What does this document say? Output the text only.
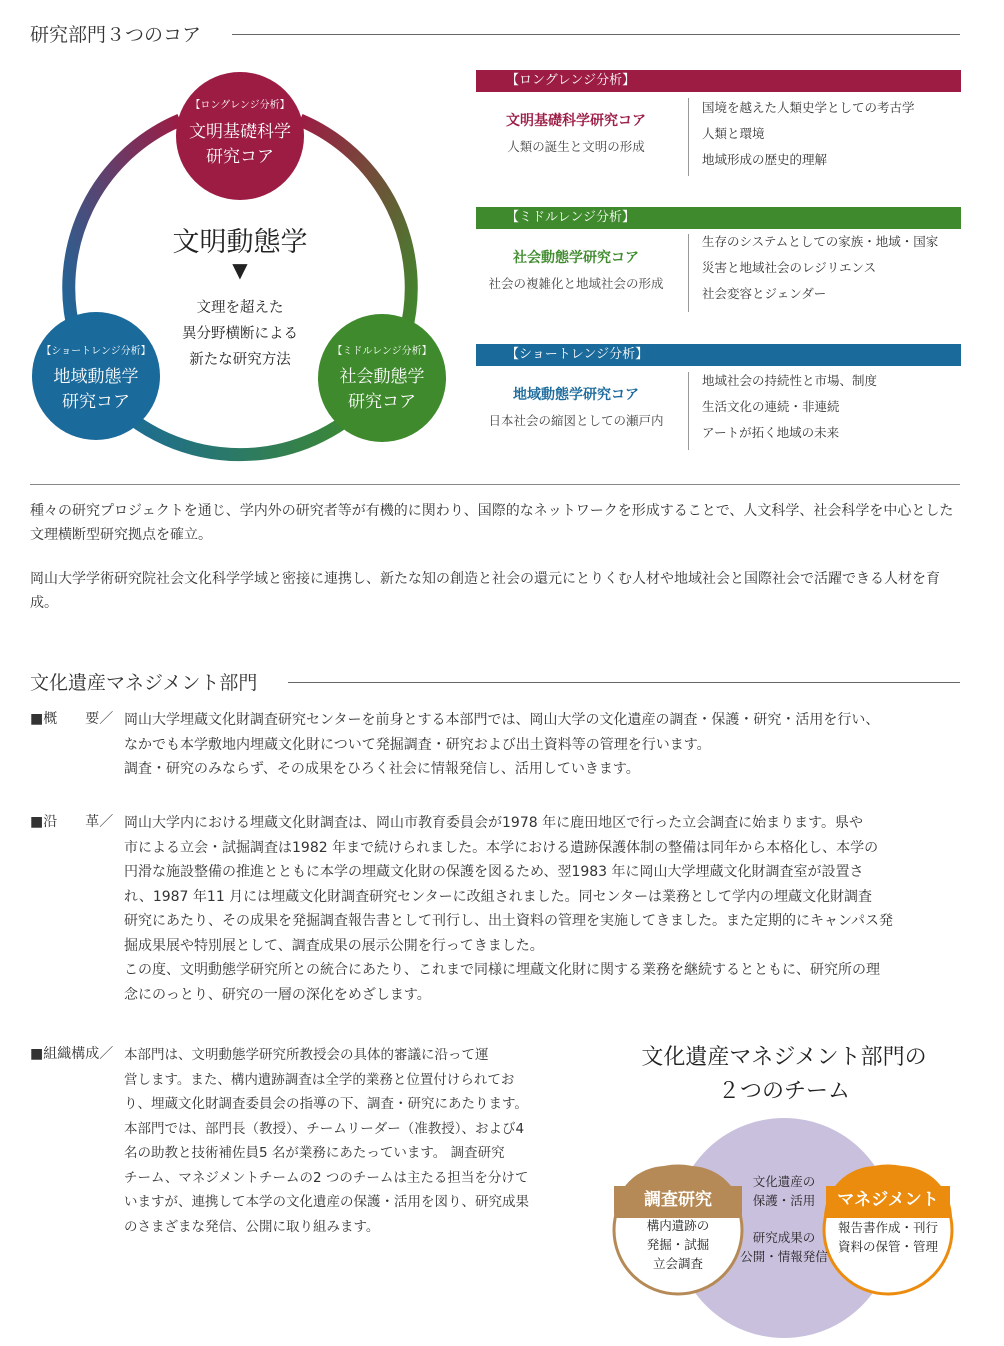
研究部門３つのコア
【ロングレンジ分析】
文明基礎科学
研究コア
【ショートレンジ分析】
地域動態学
研究コア
【ミドルレンジ分析】
社会動態学
研究コア
文明動態学
▼
文理を超えた
異分野横断による
新たな研究方法
【ロングレンジ分析】
文明基礎科学研究コア
人類の誕生と文明の形成
国境を越えた人類史学としての考古学
人類と環境
地域形成の歴史的理解
【ミドルレンジ分析】
社会動態学研究コア
社会の複雑化と地域社会の形成
生存のシステムとしての家族・地域・国家
災害と地域社会のレジリエンス
社会変容とジェンダー
【ショートレンジ分析】
地域動態学研究コア
日本社会の縮図としての瀬戸内
地域社会の持続性と市場、制度
生活文化の連続・非連続
アートが拓く地域の未来
種々の研究プロジェクトを通じ、学内外の研究者等が有機的に関わり、国際的なネットワークを形成することで、人文科学、社会科学を中心とした文理横断型研究拠点を確立。
岡山大学学術研究院社会文化科学学域と密接に連携し、新たな知の創造と社会の還元にとりくむ人材や地域社会と国際社会で活躍できる人材を育成。
文化遺産マネジメント部門
■概　　要／ 岡山大学埋蔵文化財調査研究センターを前身とする本部門では、岡山大学の文化遺産の調査・保護・研究・活用を行い、
なかでも本学敷地内埋蔵文化財について発掘調査・研究および出土資料等の管理を行います。
調査・研究のみならず、その成果をひろく社会に情報発信し、活用していきます。
■沿　　革／ 岡山大学内における埋蔵文化財調査は、岡山市教育委員会が1978 年に鹿田地区で行った立会調査に始まります。県や
市による立会・試掘調査は1982 年まで続けられました。本学における遺跡保護体制の整備は同年から本格化し、本学の
円滑な施設整備の推進とともに本学の埋蔵文化財の保護を図るため、翌1983 年に岡山大学埋蔵文化財調査室が設置さ
れ、1987 年11 月には埋蔵文化財調査研究センターに改組されました。同センターは業務として学内の埋蔵文化財調査
研究にあたり、その成果を発掘調査報告書として刊行し、出土資料の管理を実施してきました。また定期的にキャンパス発
掘成果展や特別展として、調査成果の展示公開を行ってきました。
この度、文明動態学研究所との統合にあたり、これまで同様に埋蔵文化財に関する業務を継続するとともに、研究所の理
念にのっとり、研究の一層の深化をめざします。
■組織構成／ 本部門は、文明動態学研究所教授会の具体的審議に沿って運
営します。また、構内遺跡調査は全学的業務と位置付けられてお
り、埋蔵文化財調査委員会の指導の下、調査・研究にあたります。
本部門では、部門長（教授）、チームリーダー（准教授）、および4
名の助教と技術補佐員5 名が業務にあたっています。 調査研究
チーム、マネジメントチームの2 つのチームは主たる担当を分けて
いますが、連携して本学の文化遺産の保護・活用を図り、研究成果
のさまざまな発信、公開に取り組みます。
文化遺産マネジメント部門の
２つのチーム
調査研究
構内遺跡の
発掘・試掘
立会調査
マネジメント
報告書作成・刊行
資料の保管・管理
文化遺産の
保護・活用
研究成果の
公開・情報発信
